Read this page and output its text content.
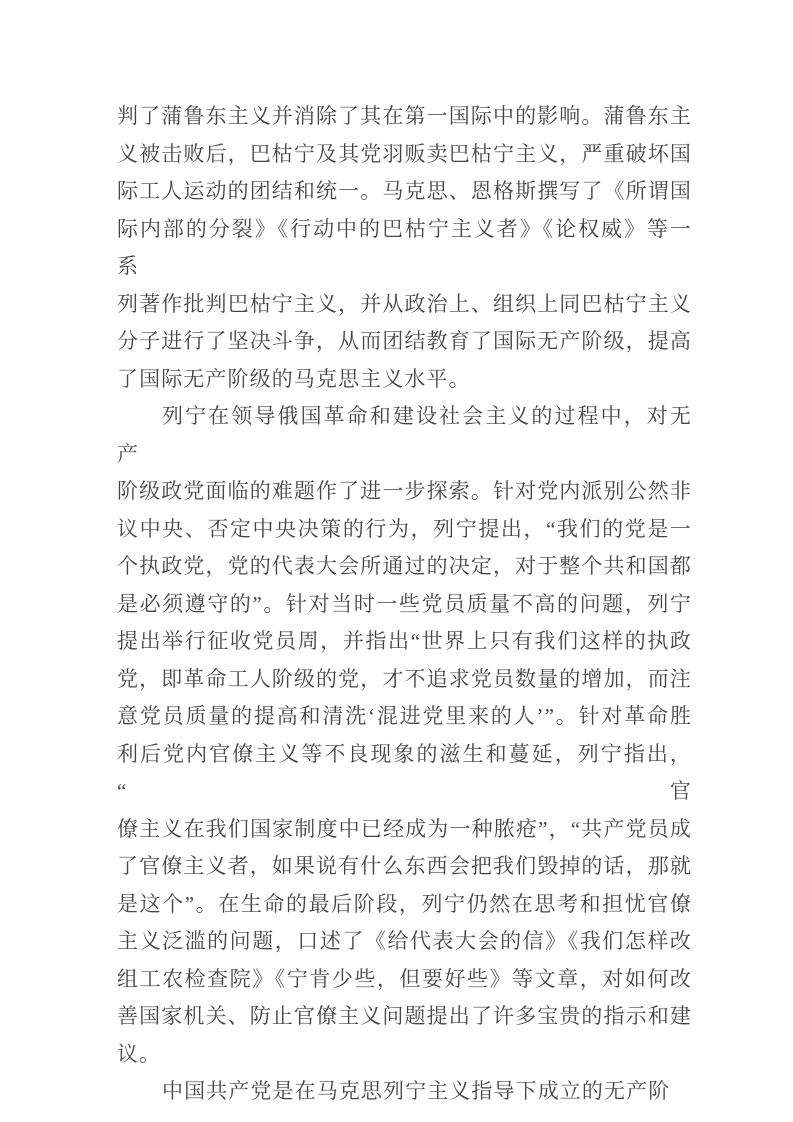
判了蒲鲁东主义并消除了其在第一国际中的影响。蒲鲁东主
义被击败后，巴枯宁及其党羽贩卖巴枯宁主义，严重破坏国
际工人运动的团结和统一。马克思、恩格斯撰写了《所谓国
际内部的分裂》《行动中的巴枯宁主义者》《论权威》等一系
列著作批判巴枯宁主义，并从政治上、组织上同巴枯宁主义
分子进行了坚决斗争，从而团结教育了国际无产阶级，提高
了国际无产阶级的马克思主义水平。
列宁在领导俄国革命和建设社会主义的过程中，对无产
阶级政党面临的难题作了进一步探索。针对党内派别公然非
议中央、否定中央决策的行为，列宁提出，“我们的党是一
个执政党，党的代表大会所通过的决定，对于整个共和国都
是必须遵守的”。针对当时一些党员质量不高的问题，列宁
提出举行征收党员周，并指出“世界上只有我们这样的执政
党，即革命工人阶级的党，才不追求党员数量的增加，而注
意党员质量的提高和清洗‘混进党里来的人’”。针对革命胜
利后党内官僚主义等不良现象的滋生和蔓延，列宁指出，“官
僚主义在我们国家制度中已经成为一种脓疮”，“共产党员成
了官僚主义者，如果说有什么东西会把我们毁掉的话，那就
是这个”。在生命的最后阶段，列宁仍然在思考和担忧官僚
主义泛滥的问题，口述了《给代表大会的信》《我们怎样改
组工农检查院》《宁肯少些，但要好些》等文章，对如何改
善国家机关、防止官僚主义问题提出了许多宝贵的指示和建
议。
中国共产党是在马克思列宁主义指导下成立的无产阶
